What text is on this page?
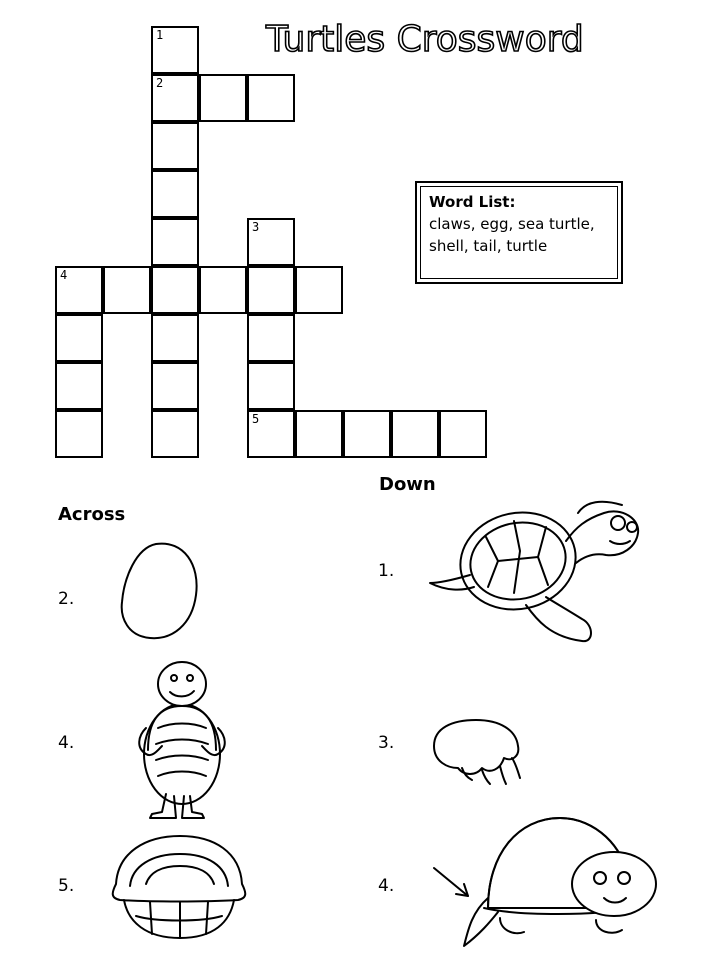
Turtles Crossword
1
2
3
4
5
Word List:
claws, egg, sea turtle, shell, tail, turtle
Down
Across
2.
4.
5.
1.
3.
4.
